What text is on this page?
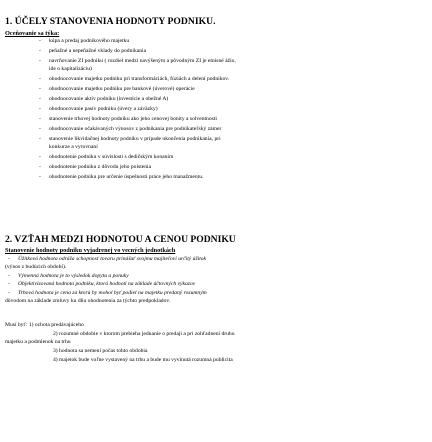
1. ÚČELY STANOVENIA HODNOTY PODNIKU.
Oceňovanie sa týka:
- kúpa a predaj podnikového majetku
- peňažné a nepeňažné vklady do podnikania
- navrňovanie ZI podniku ( rozdiel medzi navýšeným a pôvodným ZI je emisné ážio,
ide o kapitalizáciu)
- ohodnocovanie majetku podniku pri transformáciách, fúziách a delení podnikov.
- ohodnocovanie majetku podniku pre bankové (úverové) operácie
- ohodnocovanie aktív podniku (investície a obežné A)
- ohodnocovanie pasív podniku (úvery a záväzky)
- stanovenie trhovej hodnoty podniku ako jeho cenovej bonity a solventnosti
- ohodnocovanie očakávaných výnosov z podnikania pre podnikateľský zámer
- stanovenie likvidačnej hodnoty podniku v prípade ukončenia podnikania, pri
konkurze a vyrovnaní
- ohodnotenie podniku v súvislosti s dedičským konaním
- ohodnotenie podniku z dôvodu jeho poistenia
- ohodnotenie podniku pre určenie úspešnosti práce jeho manažmentu.
2. VZŤAH MEDZI HODNOTOU A CENOU PODNIKU
Stanovenie hodnoty podniku vyjadrenej vo vecných jednotkách
- Úžitková hodnota odráža schopnosť tovaru prinášať svojmu majiteľovi určitý úžitok
(výnos z budúcich období).
- Výmenná hodnota je to výsledok dopytu a ponuky
- Objektivizovaná hodnota podniku, ktorá hodnotí na základe účtovných výkazov
- Trhová hodnota je cena za ktorú by mohol byť podiel na majetku predaný rozumným
dôvodom na základe zmluvy ku dňu ohodnotenia za týchto predpokladov.
Musí byť: 1) ochota predávajúceho
2) rozumné obdobie v ktorom prebieha jednanie o predaji a pri zohľadnení druhu
majetku a podmienok na trhu
3) hodnota sa nemení počas tohto obdobia
4) majetok bude voľne vystavený na trhu a bude mu vyvinutá rozumná publicita
